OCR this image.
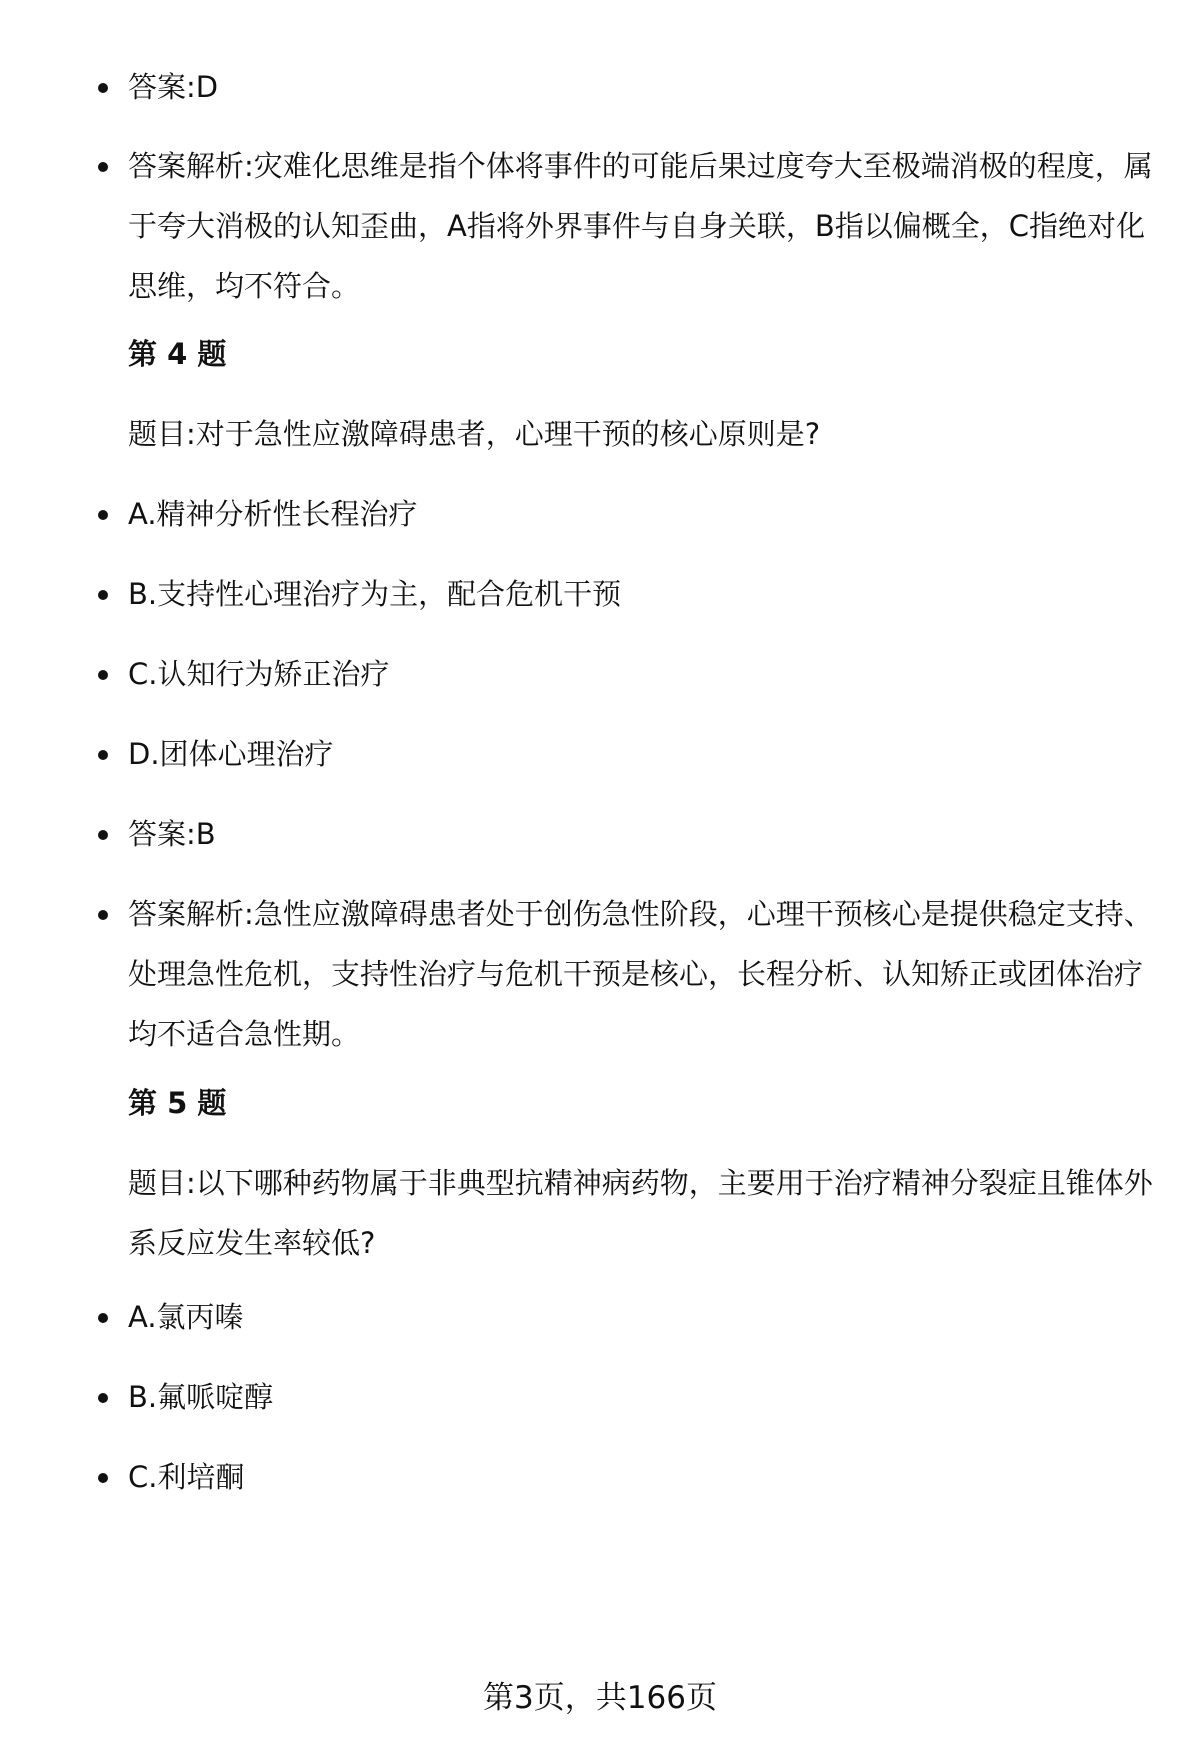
答案:D
答案解析:灾难化思维是指个体将事件的可能后果过度夸大至极端消极的程度，属于夸大消极的认知歪曲，A指将外界事件与自身关联，B指以偏概全，C指绝对化思维，均不符合。
第 4 题
题目:对于急性应激障碍患者，心理干预的核心原则是?
A.精神分析性长程治疗
B.支持性心理治疗为主，配合危机干预
C.认知行为矫正治疗
D.团体心理治疗
答案:B
答案解析:急性应激障碍患者处于创伤急性阶段，心理干预核心是提供稳定支持、处理急性危机，支持性治疗与危机干预是核心，长程分析、认知矫正或团体治疗均不适合急性期。
第 5 题
题目:以下哪种药物属于非典型抗精神病药物，主要用于治疗精神分裂症且锥体外系反应发生率较低?
A.氯丙嗪
B.氟哌啶醇
C.利培酮
第3页，共166页
